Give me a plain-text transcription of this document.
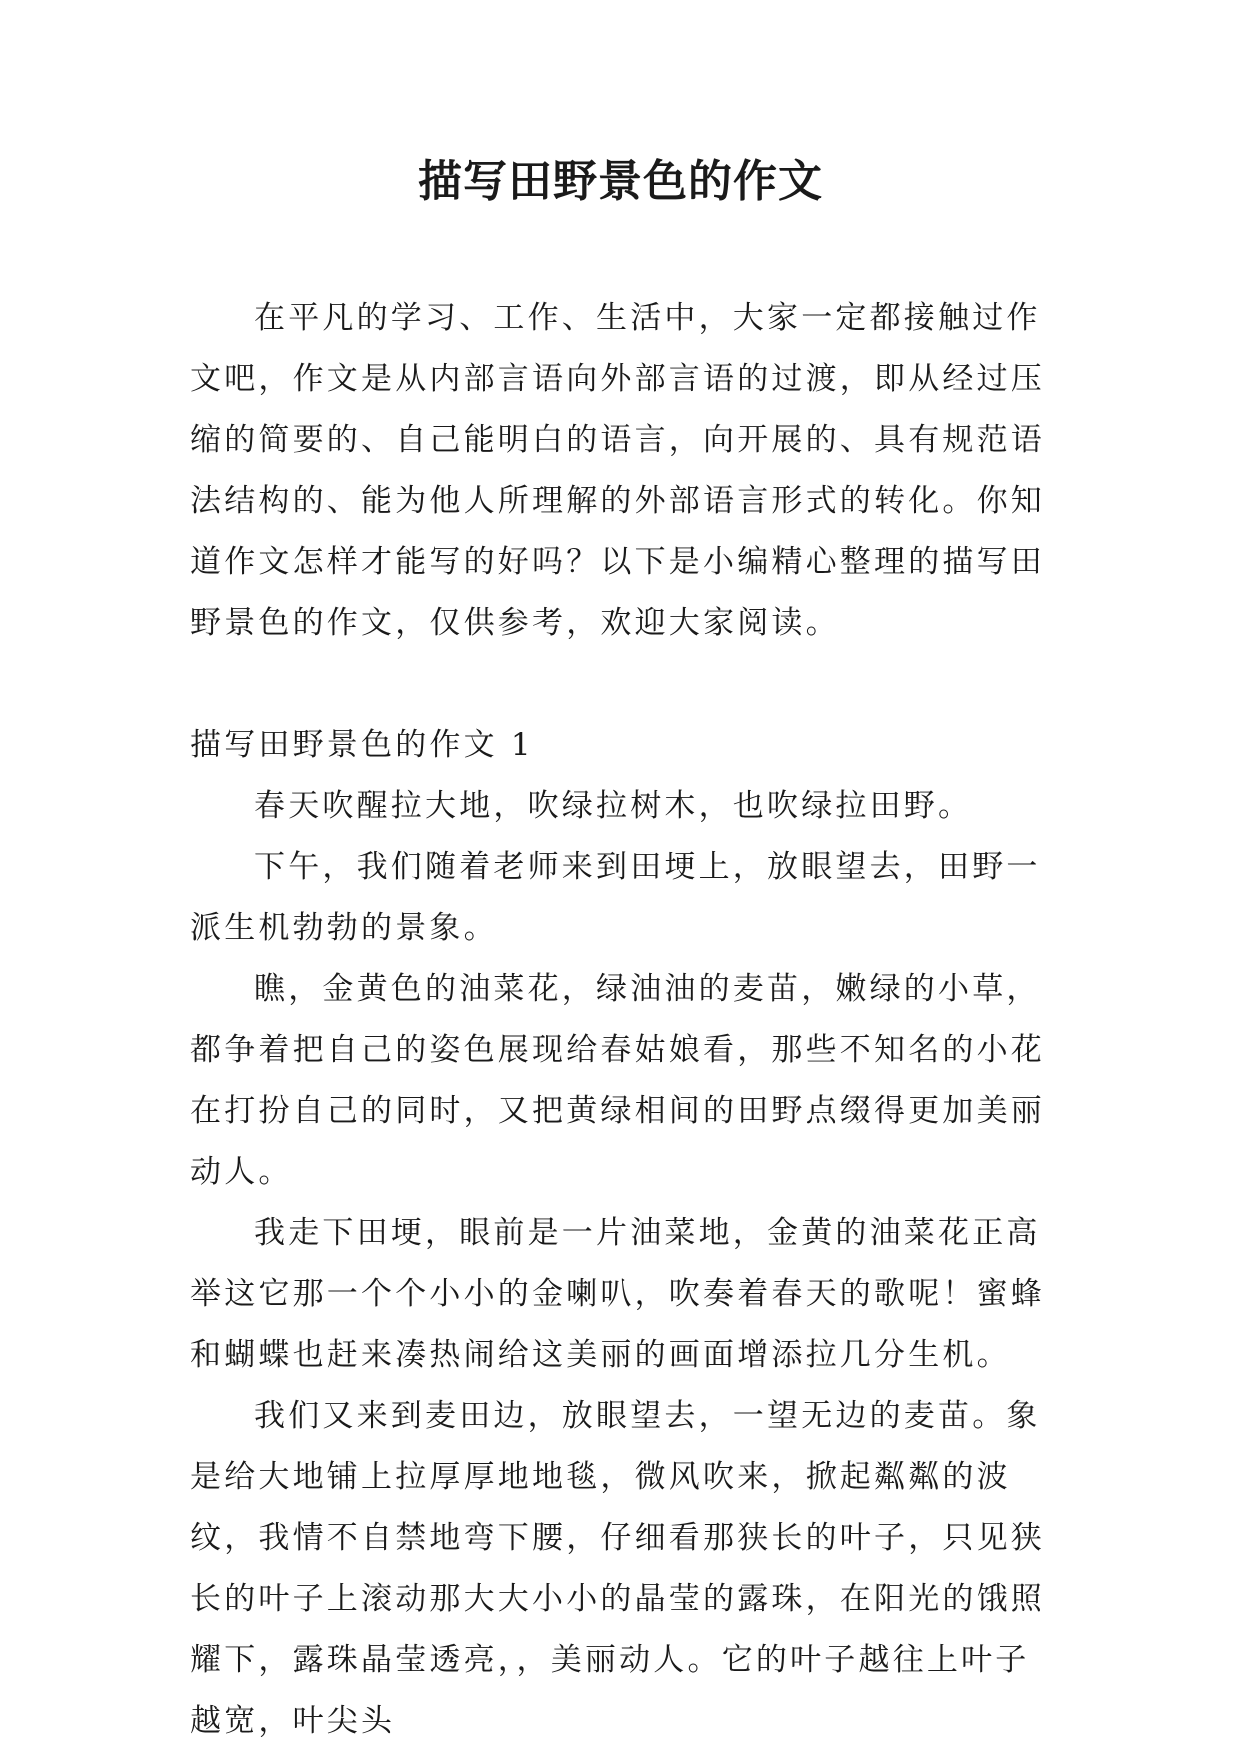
描写田野景色的作文

在平凡的学习、工作、生活中，大家一定都接触过作文吧，作文是从内部言语向外部言语的过渡，即从经过压缩的简要的、自己能明白的语言，向开展的、具有规范语法结构的、能为他人所理解的外部语言形式的转化。你知道作文怎样才能写的好吗？以下是小编精心整理的描写田野景色的作文，仅供参考，欢迎大家阅读。

描写田野景色的作文 1

春天吹醒拉大地，吹绿拉树木，也吹绿拉田野。

下午，我们随着老师来到田埂上，放眼望去，田野一派生机勃勃的景象。

瞧，金黄色的油菜花，绿油油的麦苗，嫩绿的小草，都争着把自己的姿色展现给春姑娘看，那些不知名的小花在打扮自己的同时，又把黄绿相间的田野点缀得更加美丽动人。

我走下田埂，眼前是一片油菜地，金黄的油菜花正高举这它那一个个小小的金喇叭，吹奏着春天的歌呢！蜜蜂和蝴蝶也赶来凑热闹给这美丽的画面增添拉几分生机。

我们又来到麦田边，放眼望去，一望无边的麦苗。象是给大地铺上拉厚厚地地毯，微风吹来，掀起粼粼的波纹，我情不自禁地弯下腰，仔细看那狭长的叶子，只见狭长的叶子上滚动那大大小小的晶莹的露珠，在阳光的饿照耀下，露珠晶莹透亮，，美丽动人。它的叶子越往上叶子越宽，叶尖头
